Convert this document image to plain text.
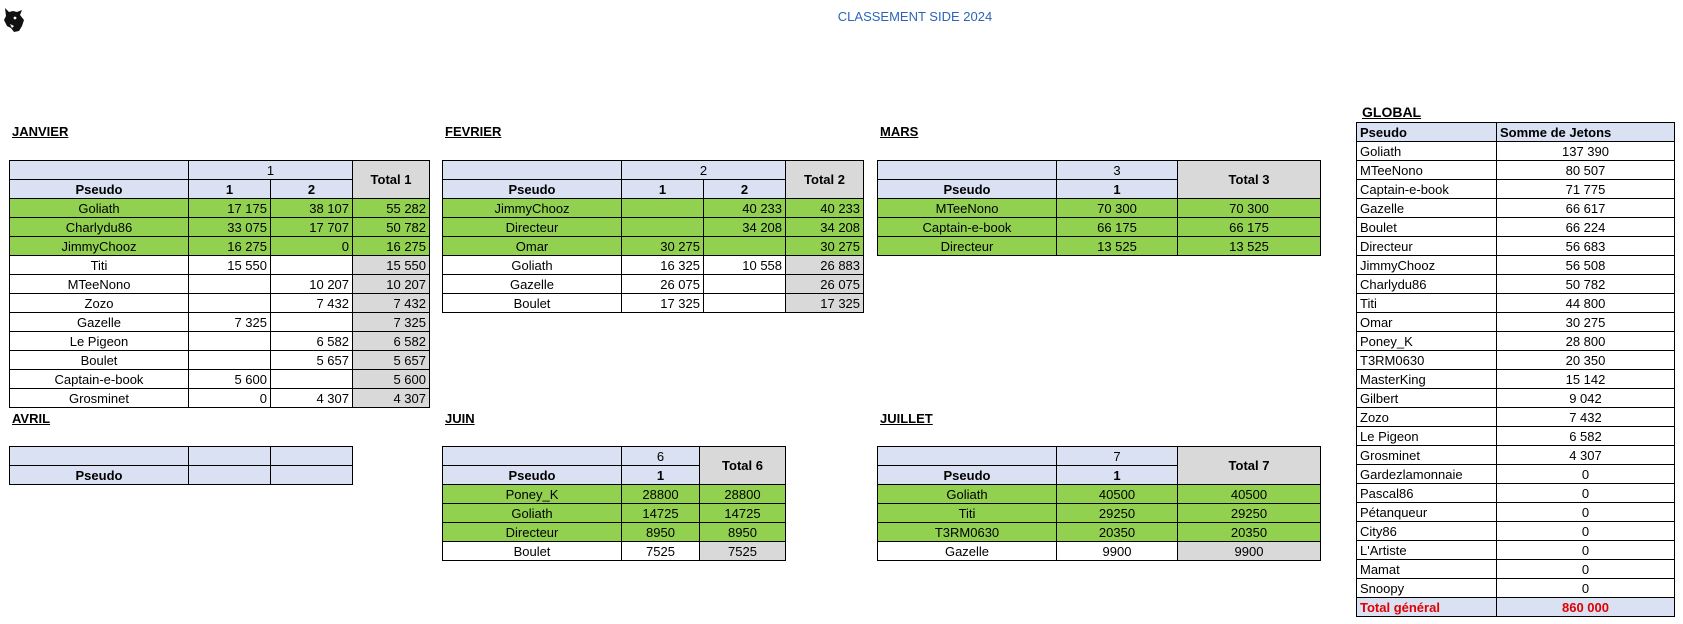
CLASSEMENT SIDE 2024
JANVIER	FEVRIER	MARS
AVRIL	JUIN	JUILLET
GLOBAL
	1		Total 1
Pseudo	1	2	
Goliath	17 175	38 107	55 282
Charlydu86	33 075	17 707	50 782
JimmyChooz	16 275	0	16 275
Titi	15 550		15 550
MTeeNono		10 207	10 207
Zozo		7 432	7 432
Gazelle	7 325		7 325
Le Pigeon		6 582	6 582
Boulet		5 657	5 657
Captain-e-book	5 600		5 600
Grosminet	0	4 307	4 307
	2		Total 2
Pseudo	1	2	
JimmyChooz		40 233	40 233
Directeur		34 208	34 208
Omar	30 275		30 275
Goliath	16 325	10 558	26 883
Gazelle	26 075		26 075
Boulet	17 325		17 325
	3	Total 3
Pseudo	1	
MTeeNono	70 300	70 300
Captain-e-book	66 175	66 175
Directeur	13 525	13 525

Pseudo		
	6	Total 6
Pseudo	1	
Poney_K	28800	28800
Goliath	14725	14725
Directeur	8950	8950
Boulet	7525	7525
	7	Total 7
Pseudo	1	
Goliath	40500	40500
Titi	29250	29250
T3RM0630	20350	20350
Gazelle	9900	9900
Pseudo	Somme de Jetons
Goliath	137 390
MTeeNono	80 507
Captain-e-book	71 775
Gazelle	66 617
Boulet	66 224
Directeur	56 683
JimmyChooz	56 508
Charlydu86	50 782
Titi	44 800
Omar	30 275
Poney_K	28 800
T3RM0630	20 350
MasterKing	15 142
Gilbert	9 042
Zozo	7 432
Le Pigeon	6 582
Grosminet	4 307
Gardezlamonnaie	0
Pascal86	0
Pétanqueur	0
City86	0
L'Artiste	0
Mamat	0
Snoopy	0
Total général	860 000
